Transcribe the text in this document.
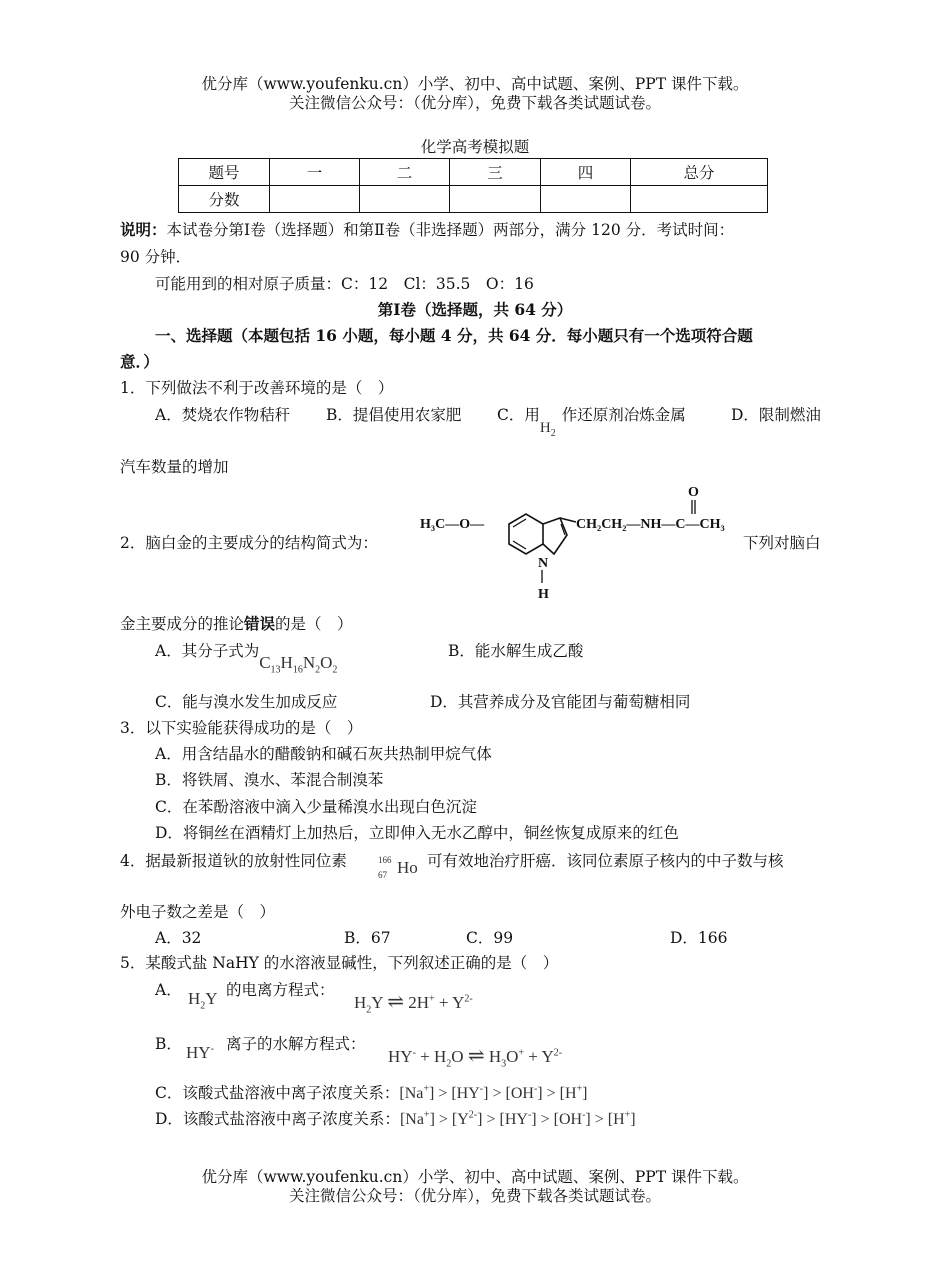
优分库（www.youfenku.cn）小学、初中、高中试题、案例、PPT 课件下载。
关注微信公众号：（优分库），免费下载各类试题试卷。
化学高考模拟题
题号	一	二	三	四	总分
分数					
说明：本试卷分第Ⅰ卷（选择题）和第Ⅱ卷（非选择题）两部分，满分 120 分．考试时间：
90 分钟．
可能用到的相对原子质量：C：12　Cl：35.5　O：16
第Ⅰ卷（选择题，共 64 分）
一、选择题（本题包括 16 小题，每小题 4 分，共 64 分．每小题只有一个选项符合题
意．）
1．下列做法不利于改善环境的是（　）
A．焚烧农作物秸秆 B．提倡使用农家肥 C．用$H_2$作还原剂冶炼金属	D．限制燃油
汽车数量的增加
2．脑白金的主要成分的结构简式为：
H₃C—O—	CH₂CH₂—NH—C—CH₃
O
N
H
下列对脑白
金主要成分的推论错误的是（　）
A．其分子式为$C_{13}H_{16}N_2O_2$
B．能水解生成乙酸
C．能与溴水发生加成反应	D．其营养成分及官能团与葡萄糖相同
3．以下实验能获得成功的是（　）
A．用含结晶水的醋酸钠和碱石灰共热制甲烷气体
B．将铁屑、溴水、苯混合制溴苯
C．在苯酚溶液中滴入少量稀溴水出现白色沉淀
D．将铜丝在酒精灯上加热后，立即伸入无水乙醇中，铜丝恢复成原来的红色
4．据最新报道钬的放射性同位素	166
67 Ho 可有效地治疗肝癌．该同位素原子核内的中子数与核
外电子数之差是（　）
A．32	B．67	C．99	D．166
5．某酸式盐 NaHY 的水溶液显碱性，下列叙述正确的是（　）
A． $H_2Y$ 的电离方程式：
$H_2Y$ ⇌ $2H^+ + Y^{2-}$
B． HY- 离子的水解方程式：
$HY^- + H_2O$ ⇌ $H_3O^+ + Y^{2-}$
C．该酸式盐溶液中离子浓度关系：[Na+] > [HY-] > [OH-] > [H+]
D．该酸式盐溶液中离子浓度关系：$[Na^+] > [Y^{2-}] > [HY^-] > [OH^-] > [H^+]$
优分库（www.youfenku.cn）小学、初中、高中试题、案例、PPT 课件下载。
关注微信公众号：（优分库），免费下载各类试题试卷。
